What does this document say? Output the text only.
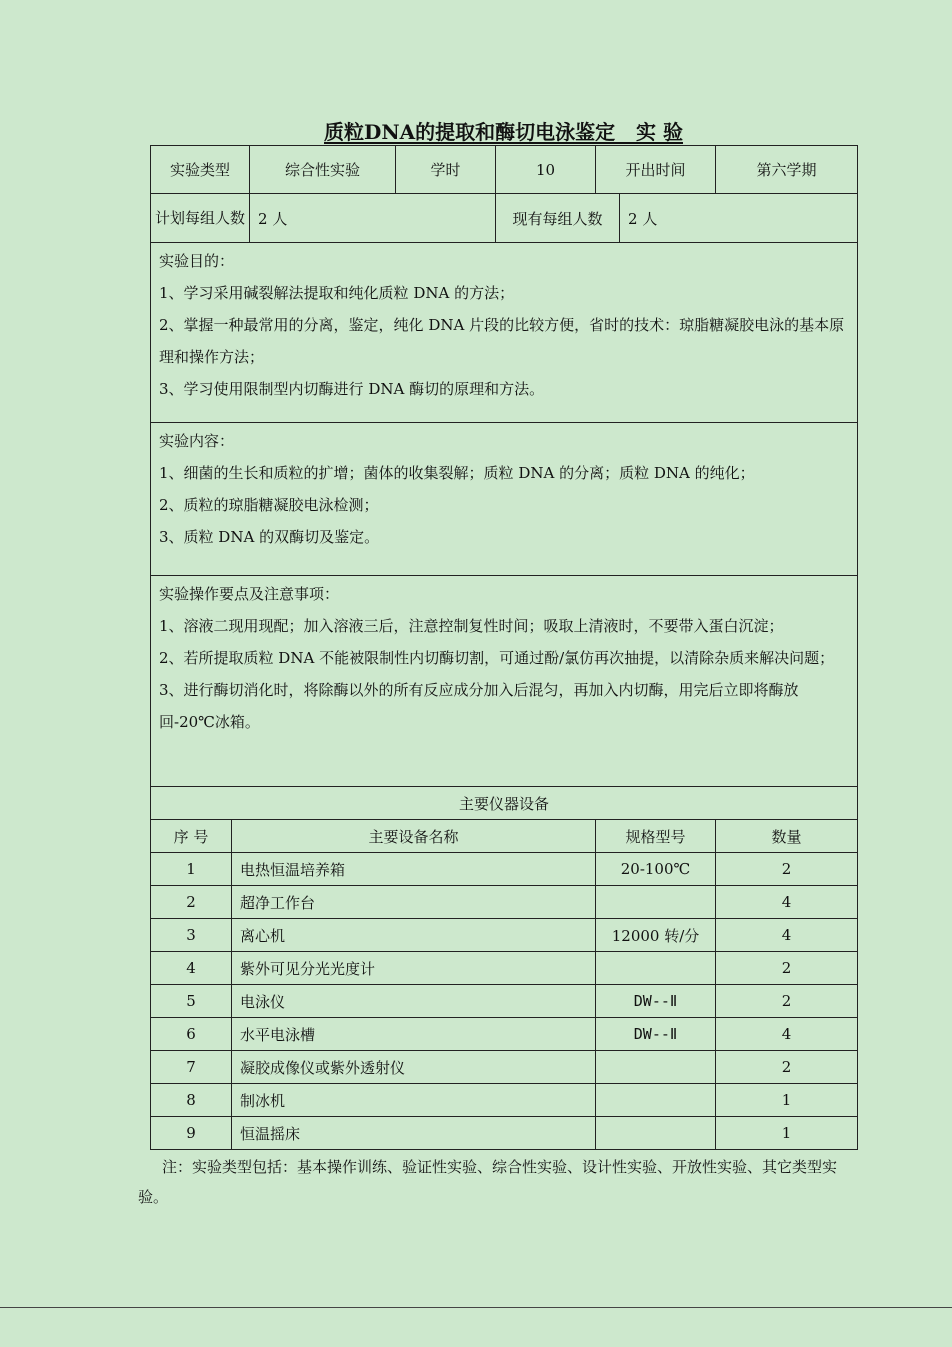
质粒DNA的提取和酶切电泳鉴定   实 验
实验类型		综合性实验	学时	10	开出时间		第六学期
计划每组人数		2 人		现有每组人数		2 人	

实验目的：

1、学习采用碱裂解法提取和纯化质粒 DNA 的方法；

2、掌握一种最常用的分离，鉴定，纯化 DNA 片段的比较方便，省时的技术：琼脂糖凝胶电泳的基本原理和操作方法；

3、学习使用限制型内切酶进行 DNA 酶切的原理和方法。							

实验内容：

1、细菌的生长和质粒的扩增；菌体的收集裂解；质粒 DNA 的分离；质粒 DNA 的纯化；

2、质粒的琼脂糖凝胶电泳检测；

3、质粒 DNA 的双酶切及鉴定。							

实验操作要点及注意事项：

1、溶液二现用现配；加入溶液三后，注意控制复性时间；吸取上清液时，不要带入蛋白沉淀；

2、若所提取质粒 DNA 不能被限制性内切酶切割，可通过酚/氯仿再次抽提，以清除杂质来解决问题；

3、进行酶切消化时，将除酶以外的所有反应成分加入后混匀，再加入内切酶，用完后立即将酶放回-20℃冰箱。							

主要仪器设备							
序 号	主要设备名称				规格型号		数量
1	电热恒温培养箱				20-100℃		2
2	超净工作台						4
3	离心机				12000 转/分		4
4	紫外可见分光光度计						2
5	电泳仪				DW--Ⅱ		2
6	水平电泳槽				DW--Ⅱ		4
7	凝胶成像仪或紫外透射仪						2
8	制冰机						1
9	恒温摇床						1
注：实验类型包括：基本操作训练、验证性实验、综合性实验、设计性实验、开放性实验、其它类型实验。
